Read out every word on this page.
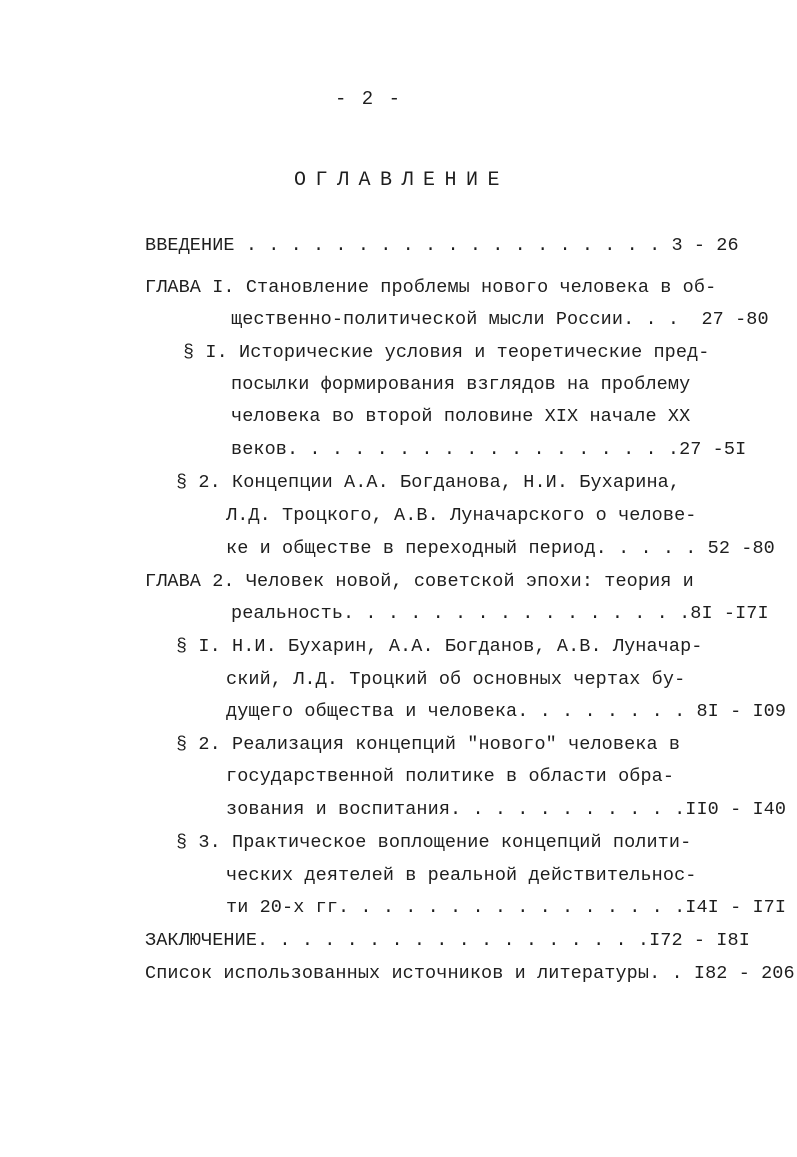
- 2 -
ОГЛАВЛЕНИЕ
ВВЕДЕНИЕ . . . . . . . . . . . . . . . . . . . 3 - 26
ГЛАВА I. Становление проблемы нового человека в об-
щественно-политической мысли России. . .  27 -80
§ I. Исторические условия и теоретические пред-
посылки формирования взглядов на проблему
человека во второй половине XIX начале XX
веков. . . . . . . . . . . . . . . . . .27 -5I
§ 2. Концепции А.А. Богданова, Н.И. Бухарина,
Л.Д. Троцкого, А.В. Луначарского о челове-
ке и обществе в переходный период. . . . . 52 -80
ГЛАВА 2. Человек новой, советской эпохи: теория и
реальность. . . . . . . . . . . . . . . .8I -I7I
§ I. Н.И. Бухарин, А.А. Богданов, А.В. Луначар-
ский, Л.Д. Троцкий об основных чертах бу-
дущего общества и человека. . . . . . . . 8I - I09
§ 2. Реализация концепций "нового" человека в
государственной политике в области обра-
зования и воспитания. . . . . . . . . . .II0 - I40
§ 3. Практическое воплощение концепций полити-
ческих деятелей в реальной действительнос-
ти 20-х гг. . . . . . . . . . . . . . . .I4I - I7I
ЗАКЛЮЧЕНИЕ. . . . . . . . . . . . . . . . . .I72 - I8I
Список использованных источников и литературы. . I82 - 206
